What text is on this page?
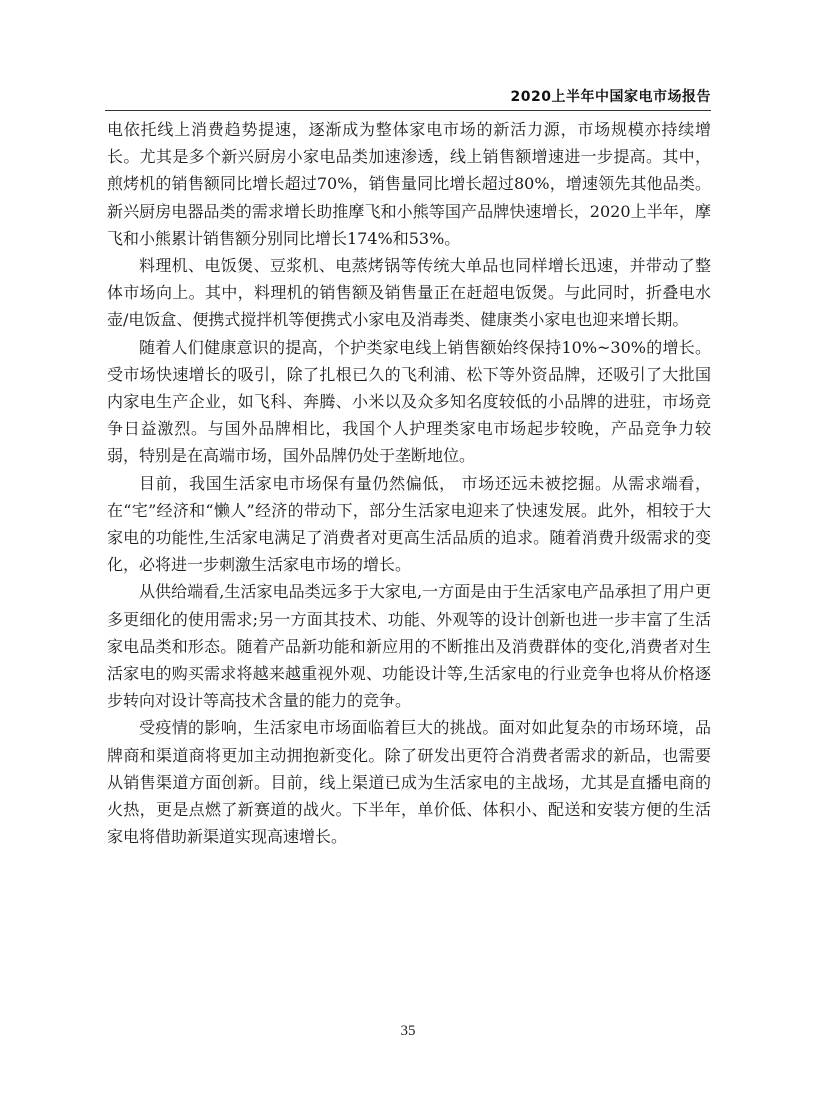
2020上半年中国家电市场报告

电依托线上消费趋势提速，逐渐成为整体家电市场的新活力源，市场规模亦持续增长。尤其是多个新兴厨房小家电品类加速渗透，线上销售额增速进一步提高。其中，煎烤机的销售额同比增长超过70%，销售量同比增长超过80%，增速领先其他品类。新兴厨房电器品类的需求增长助推摩飞和小熊等国产品牌快速增长，2020上半年，摩飞和小熊累计销售额分别同比增长174%和53%。

料理机、电饭煲、豆浆机、电蒸烤锅等传统大单品也同样增长迅速，并带动了整体市场向上。其中，料理机的销售额及销售量正在赶超电饭煲。与此同时，折叠电水壶/电饭盒、便携式搅拌机等便携式小家电及消毒类、健康类小家电也迎来增长期。

随着人们健康意识的提高，个护类家电线上销售额始终保持10%~30%的增长。受市场快速增长的吸引，除了扎根已久的飞利浦、松下等外资品牌，还吸引了大批国内家电生产企业，如飞科、奔腾、小米以及众多知名度较低的小品牌的进驻，市场竞争日益激烈。与国外品牌相比，我国个人护理类家电市场起步较晚，产品竞争力较弱，特别是在高端市场，国外品牌仍处于垄断地位。

目前，我国生活家电市场保有量仍然偏低， 市场还远未被挖掘。从需求端看，在“宅”经济和“懒人”经济的带动下，部分生活家电迎来了快速发展。此外，相较于大家电的功能性,生活家电满足了消费者对更高生活品质的追求。随着消费升级需求的变化，必将进一步刺激生活家电市场的增长。

从供给端看,生活家电品类远多于大家电,一方面是由于生活家电产品承担了用户更多更细化的使用需求;另一方面其技术、功能、外观等的设计创新也进一步丰富了生活家电品类和形态。随着产品新功能和新应用的不断推出及消费群体的变化,消费者对生活家电的购买需求将越来越重视外观、功能设计等,生活家电的行业竞争也将从价格逐步转向对设计等高技术含量的能力的竞争。

受疫情的影响，生活家电市场面临着巨大的挑战。面对如此复杂的市场环境，品牌商和渠道商将更加主动拥抱新变化。除了研发出更符合消费者需求的新品，也需要从销售渠道方面创新。目前，线上渠道已成为生活家电的主战场，尤其是直播电商的火热，更是点燃了新赛道的战火。下半年，单价低、体积小、配送和安装方便的生活家电将借助新渠道实现高速增长。

35
